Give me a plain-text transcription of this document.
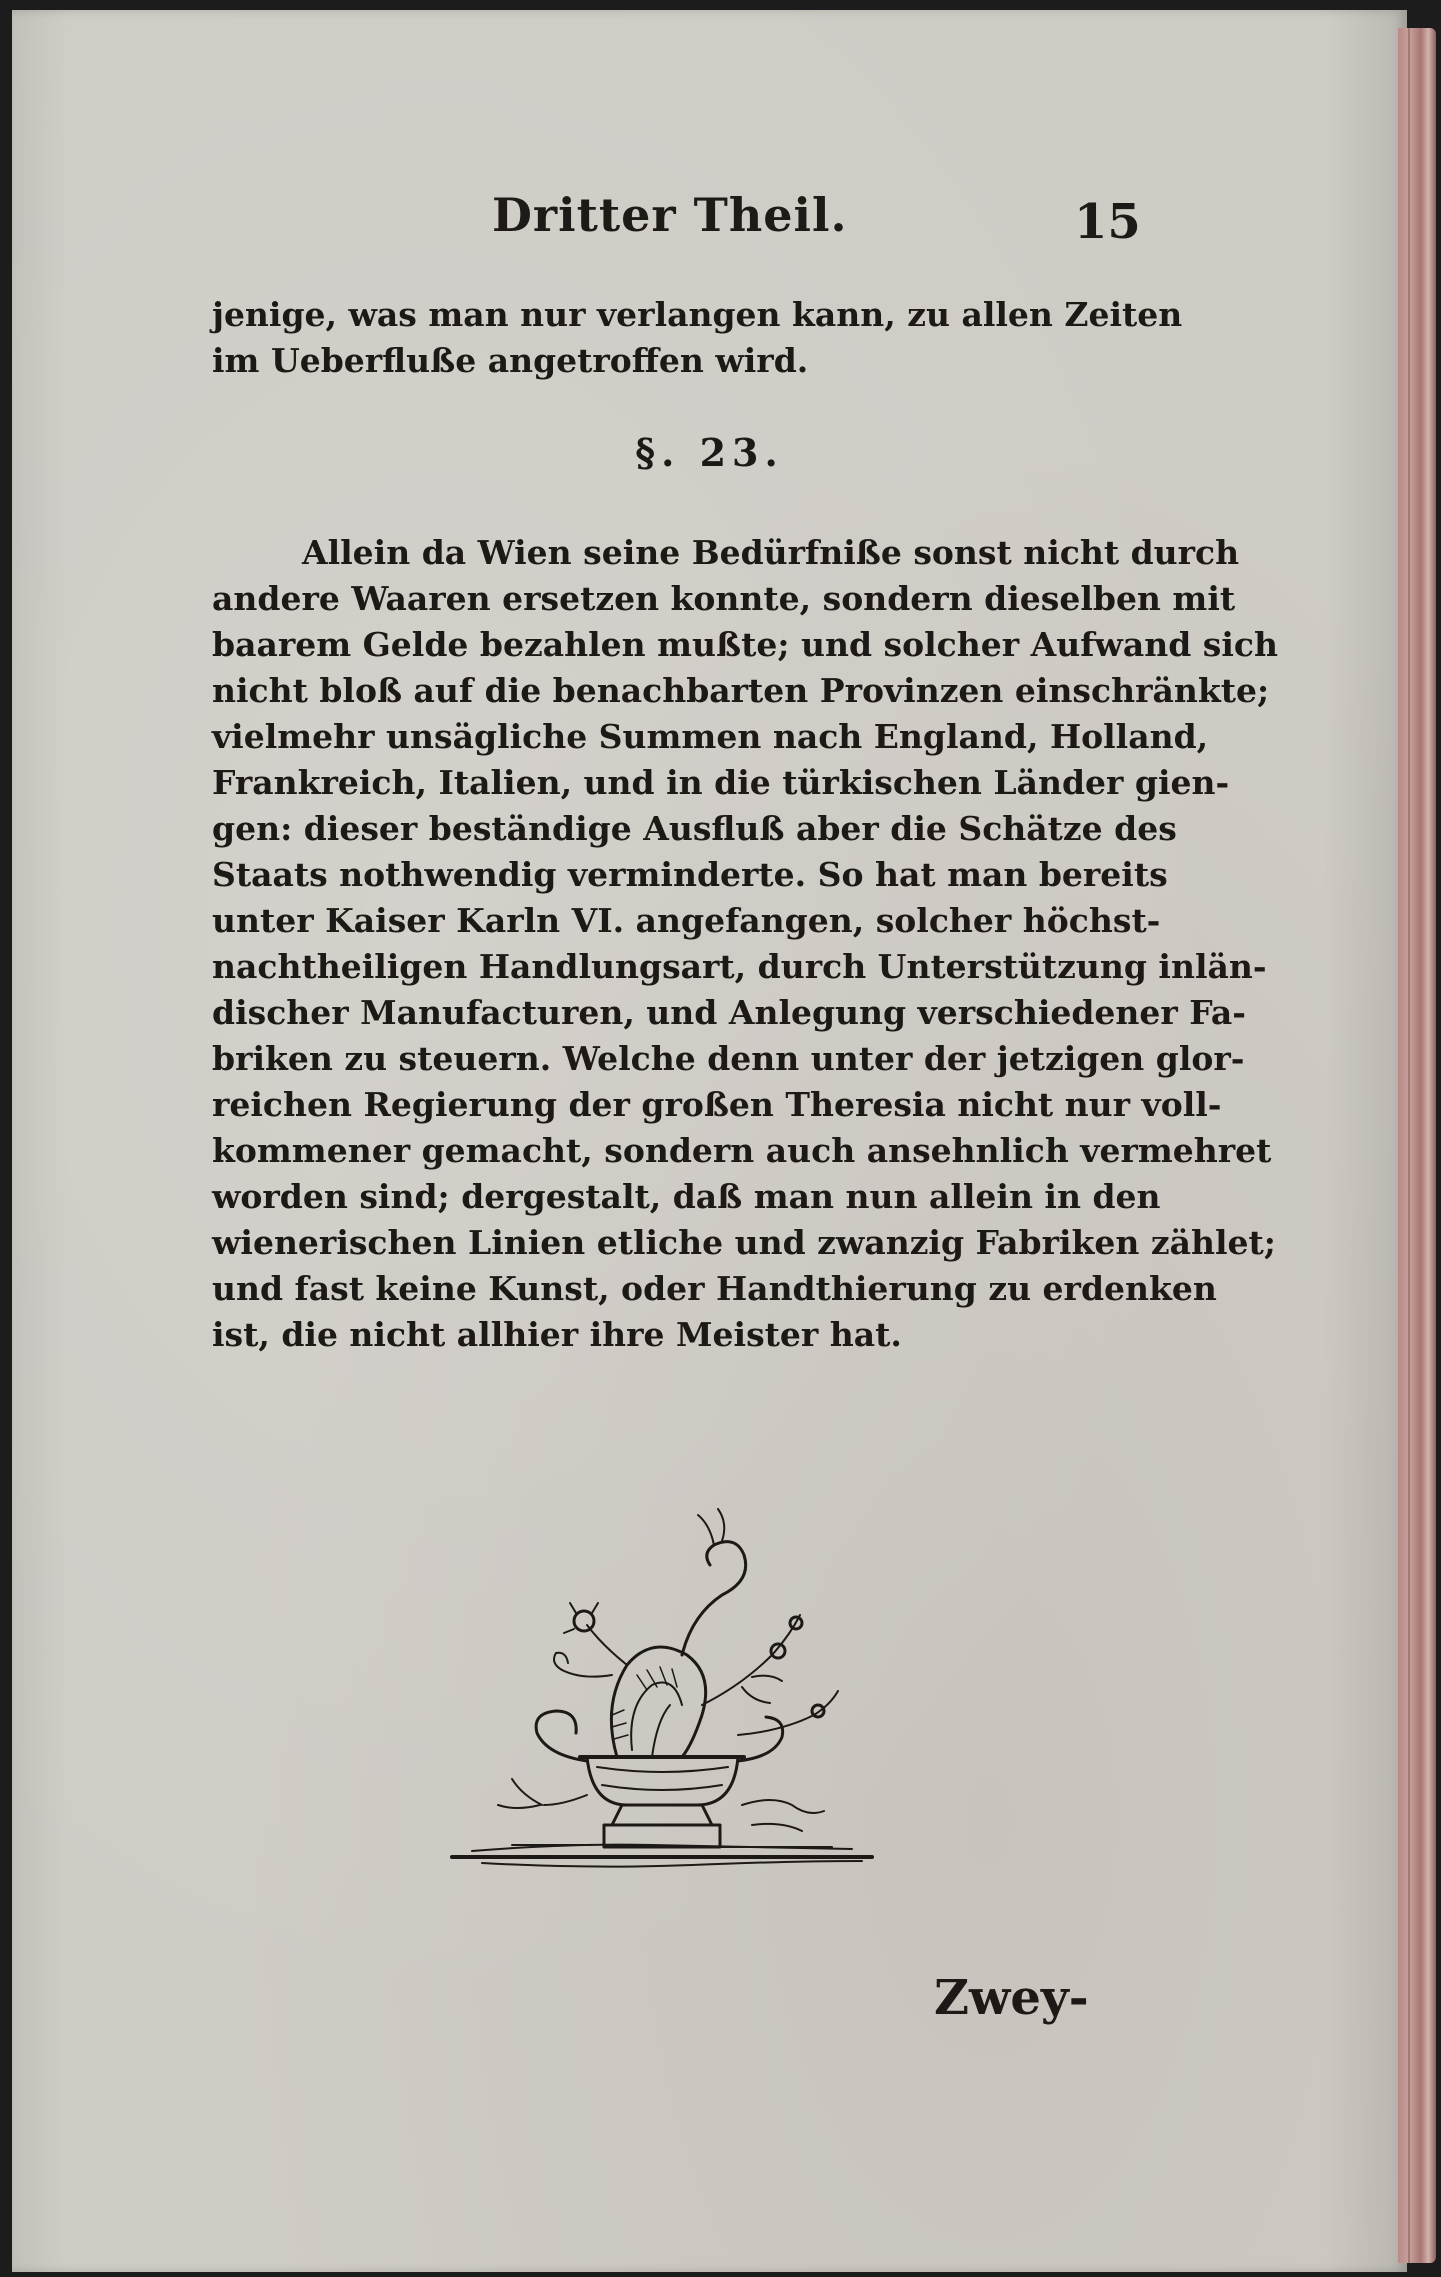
Dritter Theil.	15
jenige, was man nur verlangen kann, zu allen Zeiten
im Ueberfluße angetroffen wird.
§. 23.
Allein da Wien seine Bedürfniße sonst nicht durch
andere Waaren ersetzen konnte, sondern dieselben mit
baarem Gelde bezahlen mußte; und solcher Aufwand sich
nicht bloß auf die benachbarten Provinzen einschränkte;
vielmehr unsägliche Summen nach England, Holland,
Frankreich, Italien, und in die türkischen Länder gien-
gen: dieser beständige Ausfluß aber die Schätze des
Staats nothwendig verminderte. So hat man bereits
unter Kaiser Karln VI. angefangen, solcher höchst-
nachtheiligen Handlungsart, durch Unterstützung inlän-
discher Manufacturen, und Anlegung verschiedener Fa-
briken zu steuern. Welche denn unter der jetzigen glor-
reichen Regierung der großen Theresia nicht nur voll-
kommener gemacht, sondern auch ansehnlich vermehret
worden sind; dergestalt, daß man nun allein in den
wienerischen Linien etliche und zwanzig Fabriken zählet;
und fast keine Kunst, oder Handthierung zu erdenken
ist, die nicht allhier ihre Meister hat.
Zwey-
